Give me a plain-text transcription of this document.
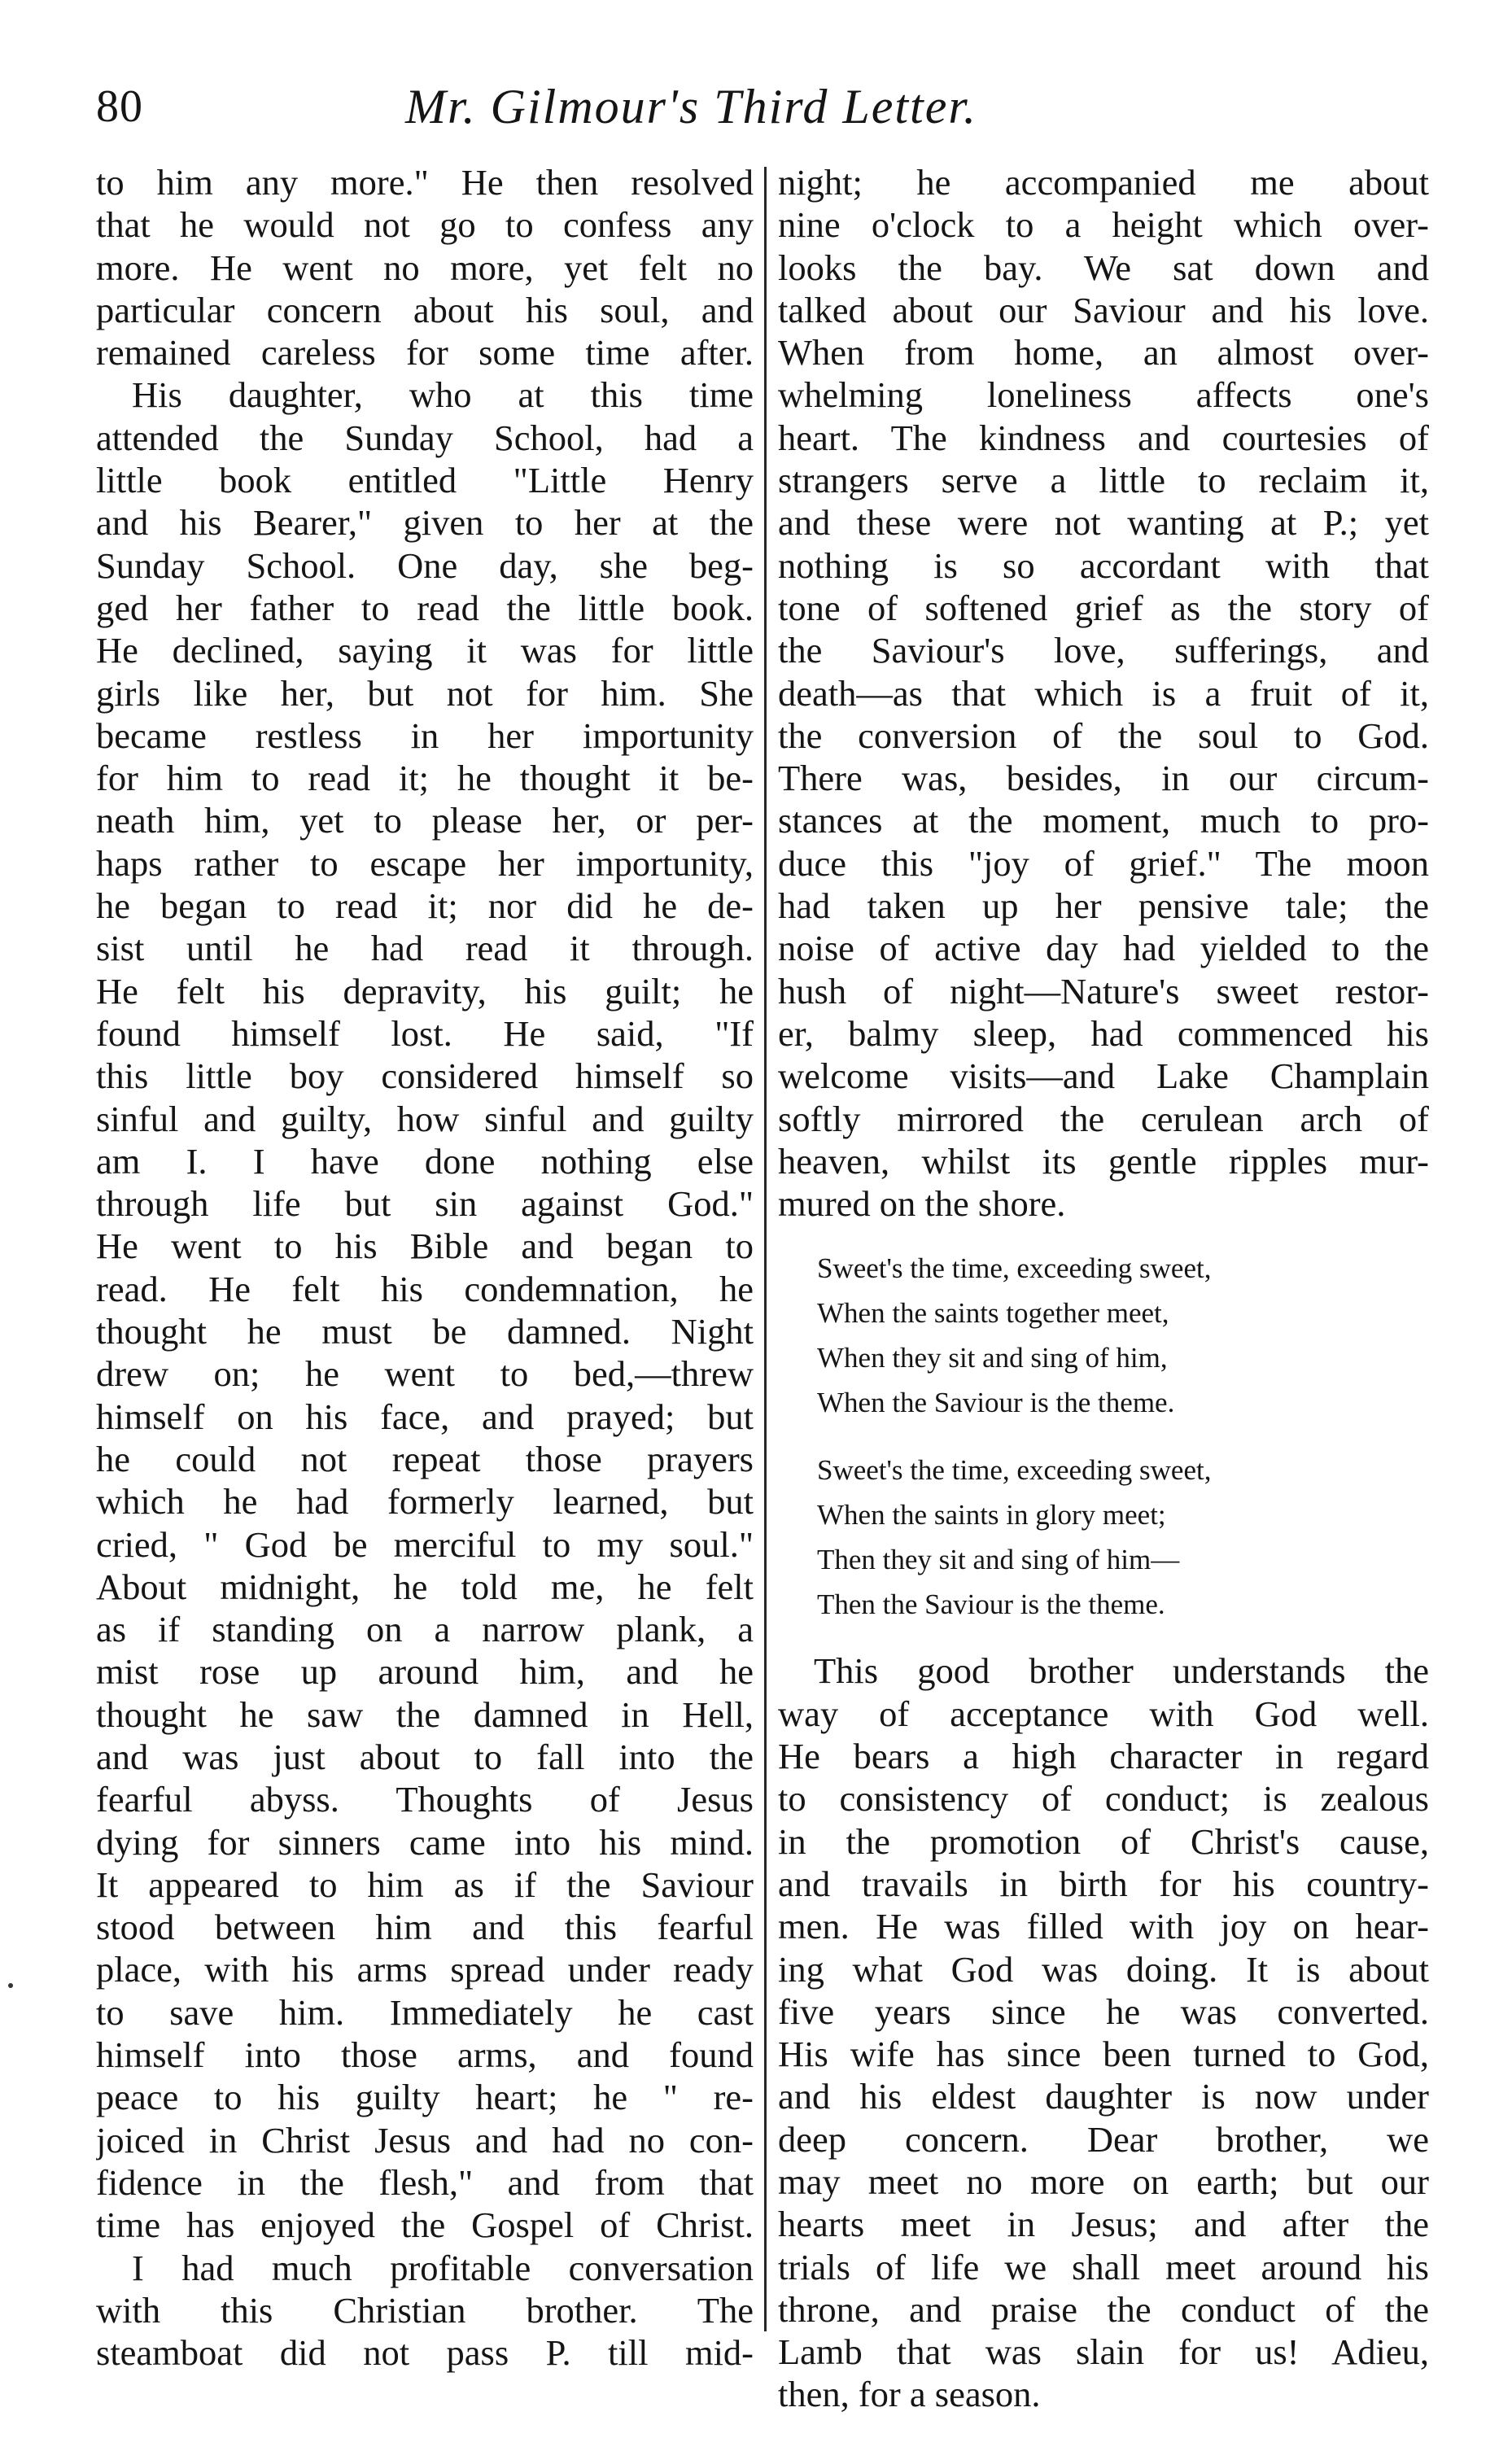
80	Mr. Gilmour's Third Letter.
to him any more." He then resolved
that he would not go to confess any
more. He went no more, yet felt no
particular concern about his soul, and
remained careless for some time after.
His daughter, who at this time
attended the Sunday School, had a
little book entitled "Little Henry
and his Bearer," given to her at the
Sunday School. One day, she beg-
ged her father to read the little book.
He declined, saying it was for little
girls like her, but not for him. She
became restless in her importunity
for him to read it; he thought it be-
neath him, yet to please her, or per-
haps rather to escape her importunity,
he began to read it; nor did he de-
sist until he had read it through.
He felt his depravity, his guilt; he
found himself lost. He said, "If
this little boy considered himself so
sinful and guilty, how sinful and guilty
am I. I have done nothing else
through life but sin against God."
He went to his Bible and began to
read. He felt his condemnation, he
thought he must be damned. Night
drew on; he went to bed,—threw
himself on his face, and prayed; but
he could not repeat those prayers
which he had formerly learned, but
cried, " God be merciful to my soul."
About midnight, he told me, he felt
as if standing on a narrow plank, a
mist rose up around him, and he
thought he saw the damned in Hell,
and was just about to fall into the
fearful abyss. Thoughts of Jesus
dying for sinners came into his mind.
It appeared to him as if the Saviour
stood between him and this fearful
place, with his arms spread under ready
to save him. Immediately he cast
himself into those arms, and found
peace to his guilty heart; he " re-
joiced in Christ Jesus and had no con-
fidence in the flesh," and from that
time has enjoyed the Gospel of Christ.
I had much profitable conversation
with this Christian brother. The
steamboat did not pass P. till mid-
night; he accompanied me about
nine o'clock to a height which over-
looks the bay. We sat down and
talked about our Saviour and his love.
When from home, an almost over-
whelming loneliness affects one's
heart. The kindness and courtesies of
strangers serve a little to reclaim it,
and these were not wanting at P.; yet
nothing is so accordant with that
tone of softened grief as the story of
the Saviour's love, sufferings, and
death—as that which is a fruit of it,
the conversion of the soul to God.
There was, besides, in our circum-
stances at the moment, much to pro-
duce this "joy of grief." The moon
had taken up her pensive tale; the
noise of active day had yielded to the
hush of night—Nature's sweet restor-
er, balmy sleep, had commenced his
welcome visits—and Lake Champlain
softly mirrored the cerulean arch of
heaven, whilst its gentle ripples mur-
mured on the shore.
Sweet's the time, exceeding sweet,
When the saints together meet,
When they sit and sing of him,
When the Saviour is the theme.
Sweet's the time, exceeding sweet,
When the saints in glory meet;
Then they sit and sing of him—
Then the Saviour is the theme.
This good brother understands the
way of acceptance with God well.
He bears a high character in regard
to consistency of conduct; is zealous
in the promotion of Christ's cause,
and travails in birth for his country-
men. He was filled with joy on hear-
ing what God was doing. It is about
five years since he was converted.
His wife has since been turned to God,
and his eldest daughter is now under
deep concern. Dear brother, we
may meet no more on earth; but our
hearts meet in Jesus; and after the
trials of life we shall meet around his
throne, and praise the conduct of the
Lamb that was slain for us! Adieu,
then, for a season.
